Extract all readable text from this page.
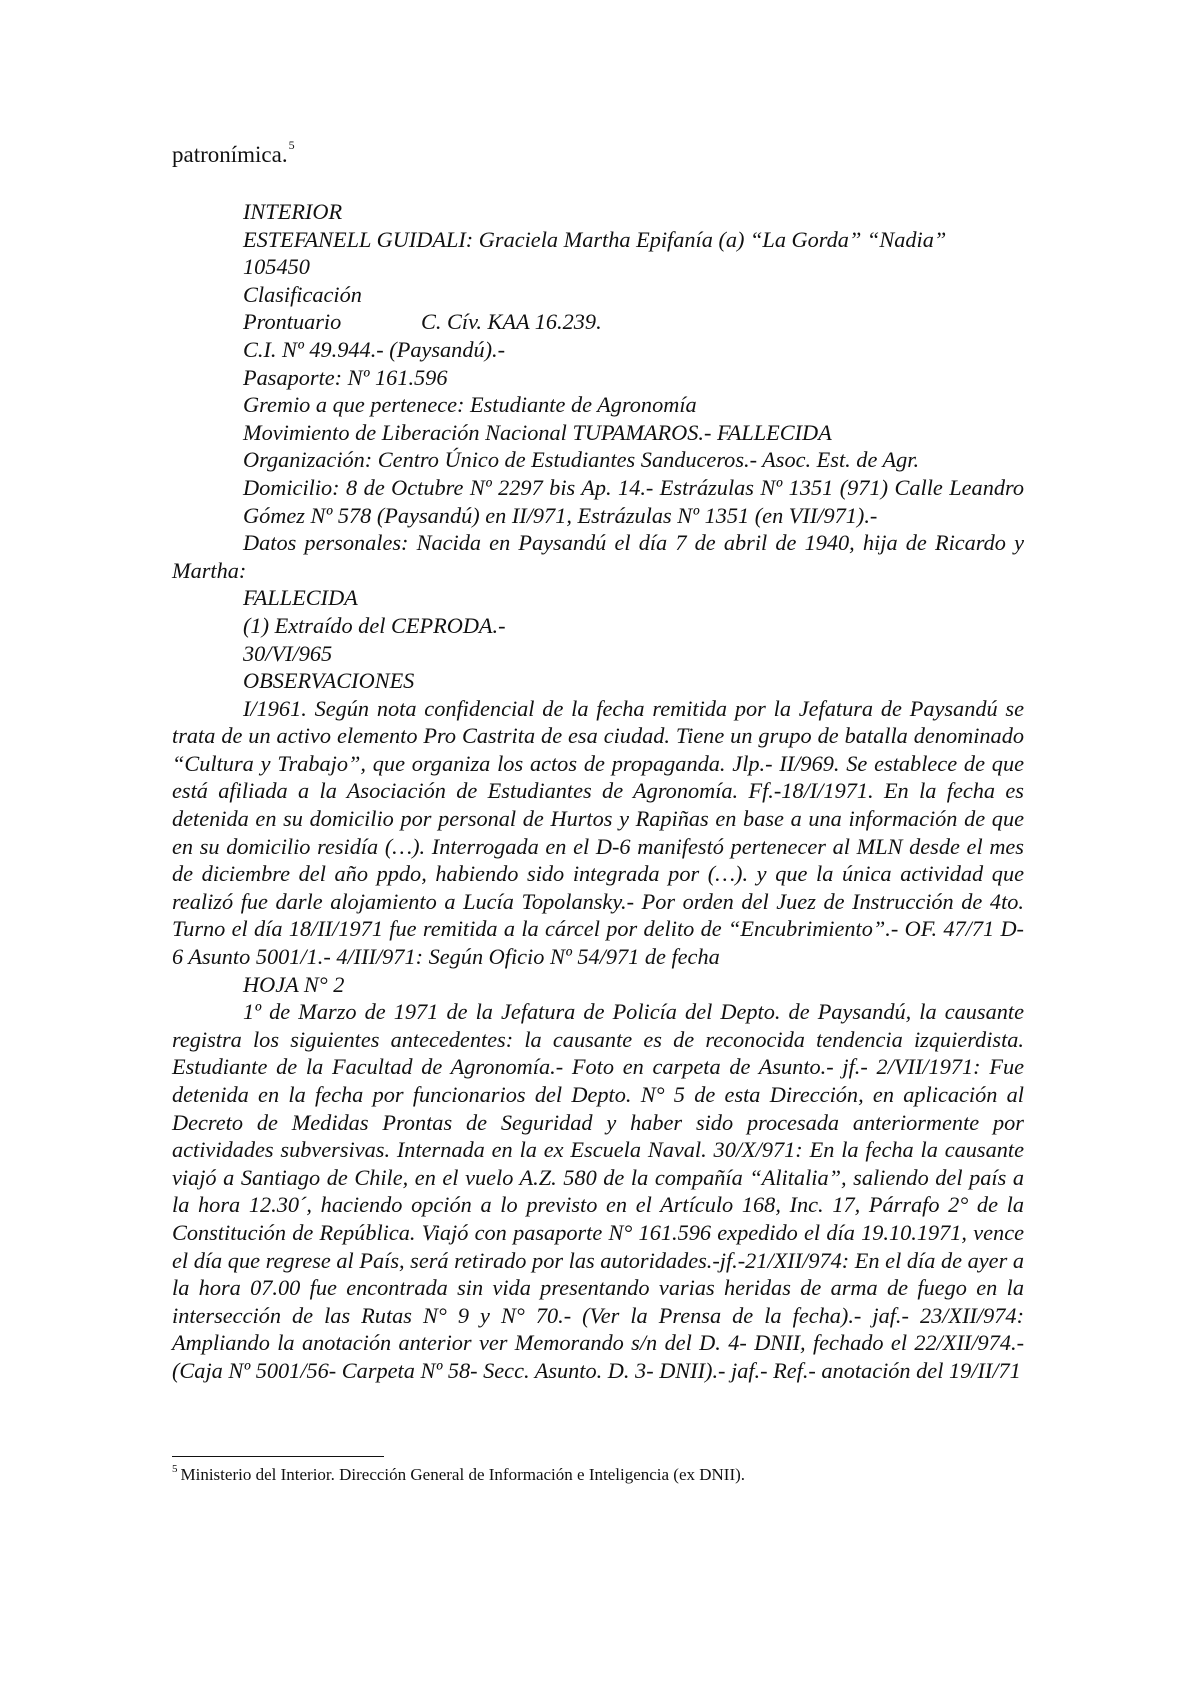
patronímica.$^5$

INTERIOR

ESTEFANELL GUIDALI: Graciela Martha Epifanía (a) “La Gorda” “Nadia”

105450

Clasificación

Prontuario	C. Cív. KAA 16.239.

C.I. Nº 49.944.- (Paysandú).-

Pasaporte: Nº 161.596

Gremio a que pertenece: Estudiante de Agronomía

Movimiento de Liberación Nacional TUPAMAROS.- FALLECIDA

Organización: Centro Único de Estudiantes Sanduceros.- Asoc. Est. de Agr.

Domicilio: 8 de Octubre Nº 2297 bis Ap. 14.- Estrázulas Nº 1351 (971) Calle Leandro Gómez Nº 578 (Paysandú) en II/971, Estrázulas Nº 1351 (en VII/971).-

Datos personales: Nacida en Paysandú el día 7 de abril de 1940, hija de Ricardo y Martha:

FALLECIDA

(1) Extraído del CEPRODA.-

30/VI/965

OBSERVACIONES

I/1961. Según nota confidencial de la fecha remitida por la Jefatura de Paysandú se trata de un activo elemento Pro Castrita de esa ciudad. Tiene un grupo de batalla denominado “Cultura y Trabajo”, que organiza los actos de propaganda. Jlp.- II/969. Se establece de que está afiliada a la Asociación de Estudiantes de Agronomía. Ff.-18/I/1971. En la fecha es detenida en su domicilio por personal de Hurtos y Rapiñas en base a una información de que en su domicilio residía (…). Interrogada en el D-6 manifestó pertenecer al MLN desde el mes de diciembre del año ppdo, habiendo sido integrada por (…). y que la única actividad que realizó fue darle alojamiento a Lucía Topolansky.- Por orden del Juez de Instrucción de 4to. Turno el día 18/II/1971 fue remitida a la cárcel por delito de “Encubrimiento”.- OF. 47/71 D- 6 Asunto 5001/1.- 4/III/971: Según Oficio Nº 54/971 de fecha

HOJA N° 2

1º de Marzo de 1971 de la Jefatura de Policía del Depto. de Paysandú, la causante registra los siguientes antecedentes: la causante es de reconocida tendencia izquierdista. Estudiante de la Facultad de Agronomía.- Foto en carpeta de Asunto.- jf.- 2/VII/1971: Fue detenida en la fecha por funcionarios del Depto. N° 5 de esta Dirección, en aplicación al Decreto de Medidas Prontas de Seguridad y haber sido procesada anteriormente por actividades subversivas. Internada en la ex Escuela Naval. 30/X/971: En la fecha la causante viajó a Santiago de Chile, en el vuelo A.Z. 580 de la compañía “Alitalia”, saliendo del país a la hora 12.30´, haciendo opción a lo previsto en el Artículo 168, Inc. 17, Párrafo 2° de la Constitución de República. Viajó con pasaporte N° 161.596 expedido el día 19.10.1971, vence el día que regrese al País, será retirado por las autoridades.-jf.-21/XII/974: En el día de ayer a la hora 07.00 fue encontrada sin vida presentando varias heridas de arma de fuego en la intersección de las Rutas N° 9 y N° 70.- (Ver la Prensa de la fecha).- jaf.- 23/XII/974: Ampliando la anotación anterior ver Memorando s/n del D. 4- DNII, fechado el 22/XII/974.- (Caja Nº 5001/56- Carpeta Nº 58- Secc. Asunto. D. 3- DNII).- jaf.- Ref.- anotación del 19/II/71

$^5$ Ministerio del Interior. Dirección General de Información e Inteligencia (ex DNII).
